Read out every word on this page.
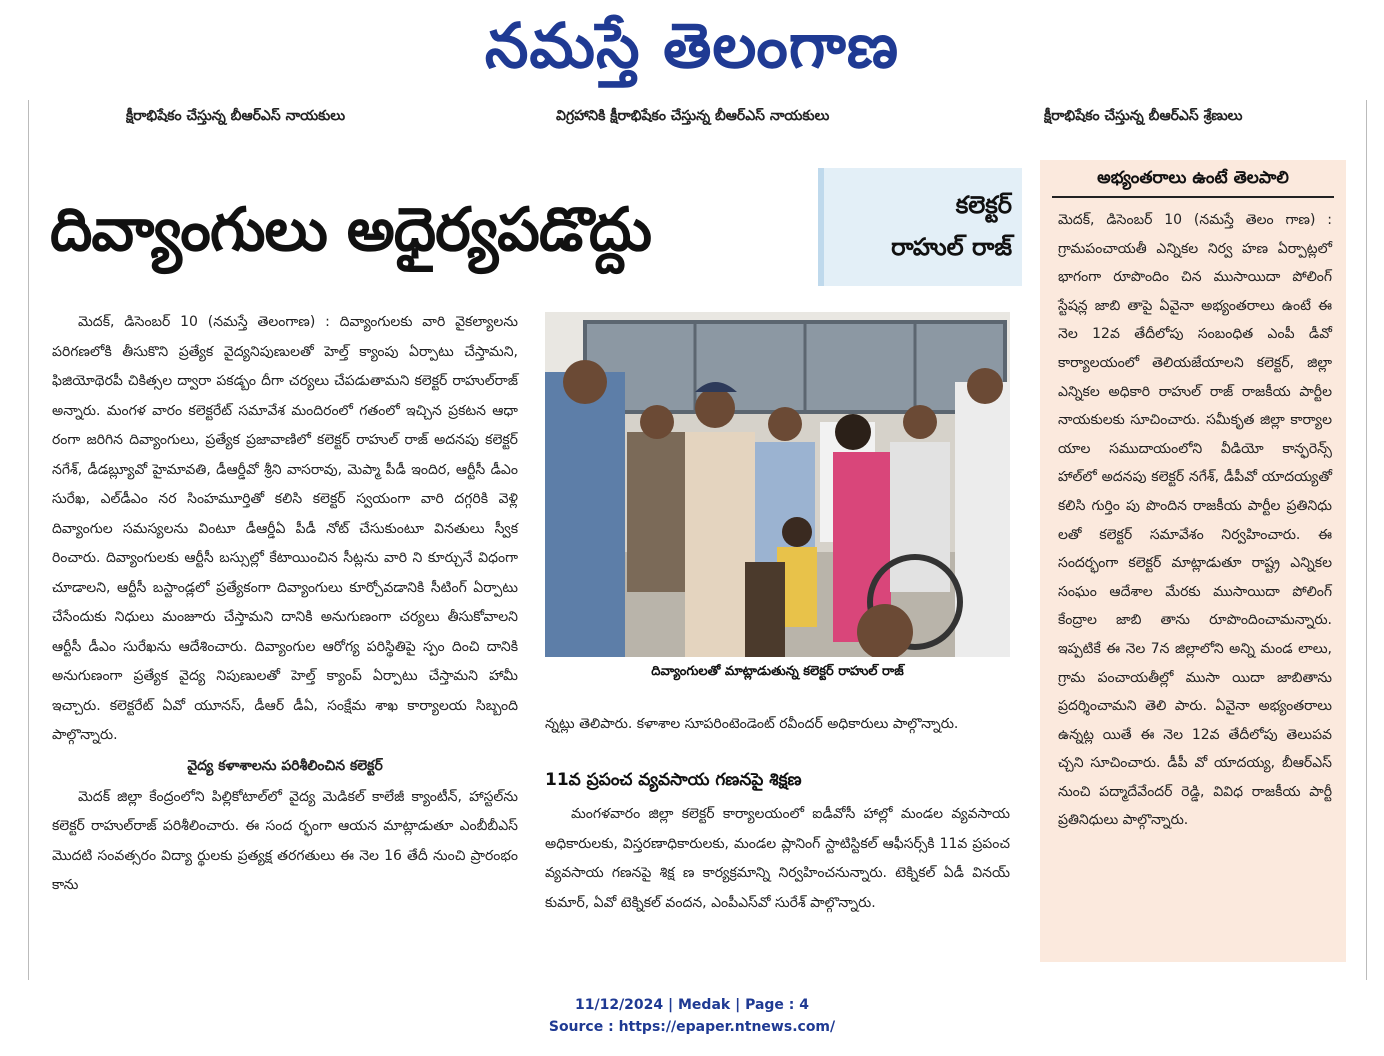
నమస్తే తెలంగాణ
క్షీరాభిషేకం చేస్తున్న బీఆర్ఎస్ నాయకులు	విగ్రహానికి క్షీరాభిషేకం చేస్తున్న బీఆర్ఎస్ నాయకులు	క్షీరాభిషేకం చేస్తున్న బీఆర్ఎస్ శ్రేణులు
దివ్యాంగులు అధైర్యపడొద్దు	కలెక్టర్
రాహుల్ రాజ్

మెదక్, డిసెంబర్ 10 (నమస్తే తెలంగాణ) : దివ్యాంగులకు వారి వైకల్యాలను పరిగణలోకి తీసుకొని ప్రత్యేక వైద్యనిపుణులతో హెల్త్ క్యాంపు ఏర్పాటు చేస్తామని, ఫిజియోథెరపీ చికిత్సల ద్వారా పకడ్బం దీగా చర్యలు చేపడుతామని కలెక్టర్ రాహుల్‌రాజ్ అన్నారు. మంగళ వారం కలెక్టరేట్ సమావేశ మందిరంలో గతంలో ఇచ్చిన ప్రకటన ఆధా రంగా జరిగిన దివ్యాంగులు, ప్రత్యేక ప్రజావాణిలో కలెక్టర్ రాహుల్ రాజ్ అదనపు కలెక్టర్ నగేశ్, డీడబ్ల్యూవో హైమావతి, డీఆర్డీవో శ్రీని వాసరావు, మెప్మా పీడీ ఇందిర, ఆర్టీసీ డీఎం సురేఖ, ఎల్‌డీఎం నర సింహమూర్తితో కలిసి కలెక్టర్ స్వయంగా వారి దగ్గరికి వెళ్లి దివ్యాంగుల సమస్యలను వింటూ డీఆర్డీఏ పీడీ నోట్ చేసుకుంటూ వినతులు స్వీక రించారు. దివ్యాంగులకు ఆర్టీసీ బస్సుల్లో కేటాయించిన సీట్లను వారి ని కూర్చునే విధంగా చూడాలని, ఆర్టీసీ బస్టాండ్లలో ప్రత్యేకంగా దివ్యాంగులు కూర్చోవడానికి సీటింగ్ ఏర్పాటు చేసేందుకు నిధులు మంజూరు చేస్తామని దానికి అనుగుణంగా చర్యలు తీసుకోవాలని ఆర్టీసీ డీఎం సురేఖను ఆదేశించారు. దివ్యాంగుల ఆరోగ్య పరిస్థితిపై స్పం దించి దానికి అనుగుణంగా ప్రత్యేక వైద్య నిపుణులతో హెల్త్ క్యాంప్ ఏర్పాటు చేస్తామని హామీ ఇచ్చారు. కలెక్టరేట్ ఏవో యూనస్, డీఆర్ డీఏ, సంక్షేమ శాఖ కార్యాలయ సిబ్బంది పాల్గొన్నారు.

వైద్య కళాశాలను పరిశీలించిన కలెక్టర్

మెదక్ జిల్లా కేంద్రంలోని పిల్లికోటాల్‌లో వైద్య మెడికల్ కాలేజీ క్యాంటీన్, హాస్టల్‌ను కలెక్టర్ రాహుల్‌రాజ్ పరిశీలించారు. ఈ సంద ర్భంగా ఆయన మాట్లాడుతూ ఎంబీబీఎస్ మొదటి సంవత్సరం విద్యా ర్థులకు ప్రత్యక్ష తరగతులు ఈ నెల 16 తేదీ నుంచి ప్రారంభం కాను

దివ్యాంగులతో మాట్లాడుతున్న కలెక్టర్ రాహుల్ రాజ్
న్నట్లు తెలిపారు. కళాశాల సూపరింటెండెంట్ రవీందర్ అధికారులు పాల్గొన్నారు.
11వ ప్రపంచ వ్యవసాయ గణనపై శిక్షణ

మంగళవారం జిల్లా కలెక్టర్ కార్యాలయంలో ఐడీవోసీ హాల్లో మండల వ్యవసాయ అధికారులకు, విస్తరణాధికారులకు, మండల ప్లానింగ్ స్టాటిస్టికల్ ఆఫీసర్స్‌కి 11వ ప్రపంచ వ్యవసాయ గణనపై శిక్ష ణ కార్యక్రమాన్ని నిర్వహించనున్నారు. టెక్నికల్ ఏడీ వినయ్ కుమార్, ఏవో టెక్నికల్ వందన, ఎంపీఎస్‌వో సురేశ్ పాల్గొన్నారు.

అభ్యంతరాలు ఉంటే తెలపాలి
మెదక్, డిసెంబర్ 10 (నమస్తే తెలం గాణ) : గ్రామపంచాయతీ ఎన్నికల నిర్వ హణ ఏర్పాట్లలో భాగంగా రూపొందిం చిన ముసాయిదా పోలింగ్ స్టేషన్ల జాబి తాపై ఏవైనా అభ్యంతరాలు ఉంటే ఈ నెల 12వ తేదీలోపు సంబంధిత ఎంపీ డీవో కార్యాలయంలో తెలియజేయాలని కలెక్టర్, జిల్లా ఎన్నికల అధికారి రాహుల్ రాజ్ రాజకీయ పార్టీల నాయకులకు సూచించారు. సమీకృత జిల్లా కార్యాల యాల సముదాయంలోని వీడియో కాన్ఫరెన్స్ హాల్‌లో అదనపు కలెక్టర్ నగేశ్, డీపీవో యాదయ్యతో కలిసి గుర్తిం పు పొందిన రాజకీయ పార్టీల ప్రతినిధు లతో కలెక్టర్ సమావేశం నిర్వహించారు. ఈ సందర్భంగా కలెక్టర్ మాట్లాడుతూ రాష్ట్ర ఎన్నికల సంఘం ఆదేశాల మేరకు ముసాయిదా పోలింగ్ కేంద్రాల జాబి తాను రూపొందించామన్నారు. ఇప్పటికే ఈ నెల 7న జిల్లాలోని అన్ని మండ లాలు, గ్రామ పంచాయతీల్లో ముసా యిదా జాబితాను ప్రదర్శించామని తెలి పారు. ఏవైనా అభ్యంతరాలు ఉన్నట్ల యితే ఈ నెల 12వ తేదీలోపు తెలుపవ చ్చని సూచించారు. డీపీ వో యాదయ్య, బీఆర్ఎస్ నుంచి పద్మాదేవేందర్ రెడ్డి, వివిధ రాజకీయ పార్టీ ప్రతినిధులు పాల్గొన్నారు.
11/12/2024 | Medak | Page : 4
Source : https://epaper.ntnews.com/
